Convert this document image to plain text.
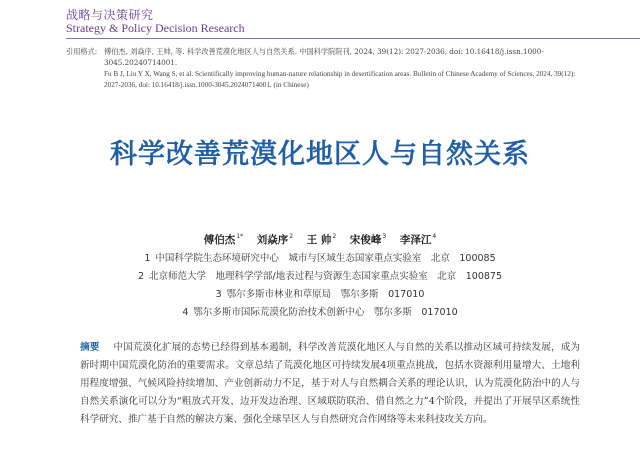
战略与决策研究
Strategy & Policy Decision Research
引用格式: 傅伯杰, 刘焱序, 王帅, 等. 科学改善荒漠化地区人与自然关系. 中国科学院院刊, 2024, 39(12): 2027-2036, doi: 10.16418/j.issn.1000-3045.20240714001.
Fu B J, Liu Y X, Wang S, et al. Scientifically improving human-nature relationship in desertification areas. Bulletin of Chinese Academy of Sciences, 2024, 39(12): 2027-2036, doi: 10.16418/j.issn.1000-3045.20240714001. (in Chinese)
科学改善荒漠化地区人与自然关系
傅伯杰$^{1*}$ 刘焱序$^2$ 王 帅$^2$ 宋俊峰$^3$ 李泽江$^4$
1 中国科学院生态环境研究中心　城市与区域生态国家重点实验室　北京　100085
2 北京师范大学　地理科学学部/地表过程与资源生态国家重点实验室　北京　100875
3 鄂尔多斯市林业和草原局　鄂尔多斯　017010
4 鄂尔多斯市国际荒漠化防治技术创新中心　鄂尔多斯　017010
摘要 中国荒漠化扩展的态势已经得到基本遏制，科学改善荒漠化地区人与自然的关系以推动区域可持续发展，成为新时期中国荒漠化防治的重要需求。文章总结了荒漠化地区可持续发展4项重点挑战，包括水资源利用量增大、土地利用程度增强、气候风险持续增加、产业创新动力不足，基于对人与自然耦合关系的理论认识，认为荒漠化防治中的人与自然关系演化可以分为“粗放式开发、边开发边治理、区域联防联治、借自然之力”4个阶段，并提出了开展旱区系统性科学研究、推广基于自然的解决方案、强化全球旱区人与自然研究合作网络等未来科技攻关方向。
